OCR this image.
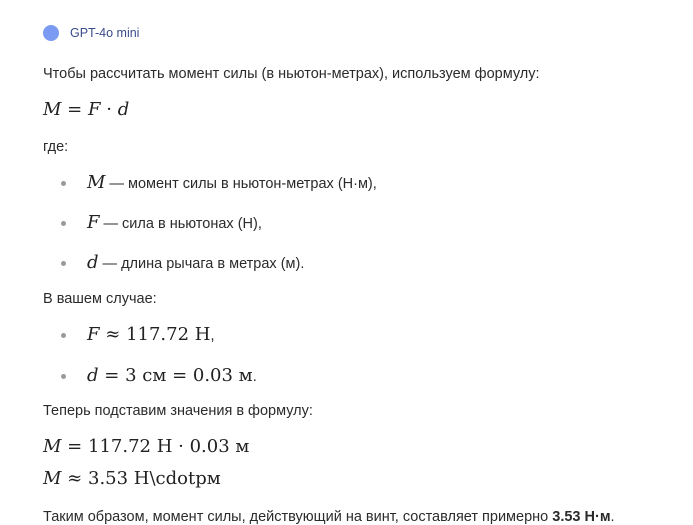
GPT-4o mini
Чтобы рассчитать момент силы (в ньютон-метрах), используем формулу:
M = F · d
где:
M — момент силы в ньютон-метрах (Н·м),
F — сила в ньютонах (Н),
d — длина рычага в метрах (м).
В вашем случае:
F ≈ 117.72 Н,
d = 3 см = 0.03 м.
Теперь подставим значения в формулу:
M = 117.72 Н · 0.03 м
M ≈ 3.53 Н\cdotpм
Таким образом, момент силы, действующий на винт, составляет примерно 3.53 Н·м.
